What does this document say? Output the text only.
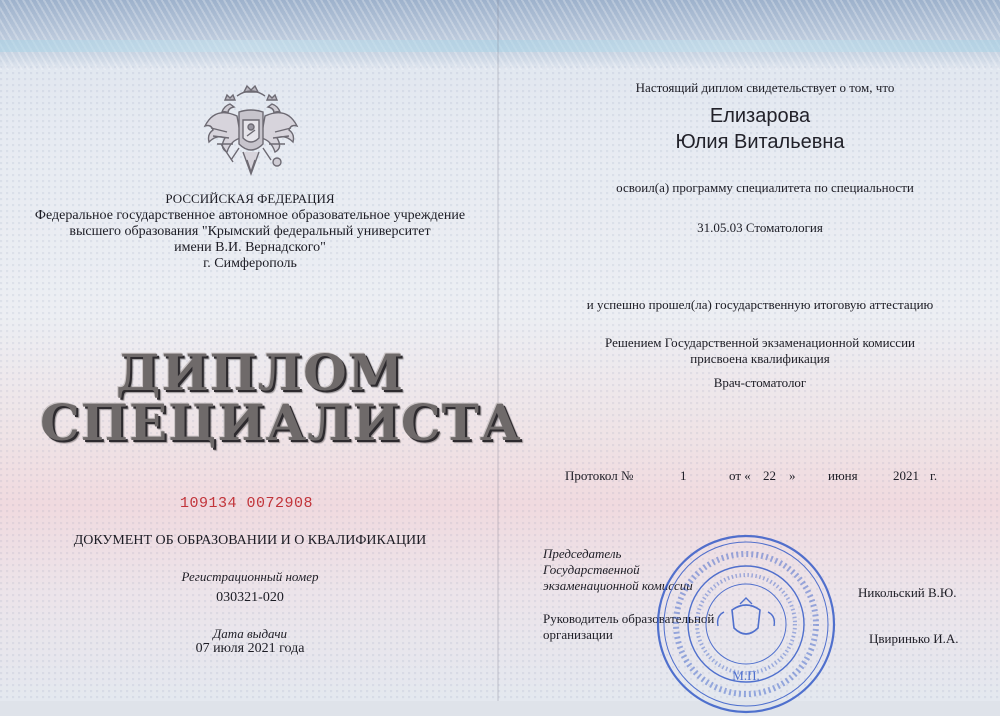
РОССИЙСКАЯ ФЕДЕРАЦИЯ
Федеральное государственное автономное образовательное учреждение
высшего образования "Крымский федеральный университет
имени В.И. Вернадского"
г. Симферополь
ДИПЛОМ
СПЕЦИАЛИСТА
109134 0072908
ДОКУМЕНТ ОБ ОБРАЗОВАНИИ И О КВАЛИФИКАЦИИ
Регистрационный номер
030321-020
Дата выдачи
07 июля 2021 года
Настоящий диплом свидетельствует о том, что
Елизарова
Юлия Витальевна
освоил(а) программу специалитета по специальности
31.05.03 Стоматология
и успешно прошел(ла) государственную итоговую аттестацию
Решением Государственной экзаменационной комиссии
присвоена квалификация
Врач-стоматолог
Протокол №	1	от « 22 »	июня	2021 г.
Председатель
Государственной
экзаменационной комиссии	Никольский В.Ю.
Руководитель образовательной
организации	Цвиринько И.А.
М.П.
